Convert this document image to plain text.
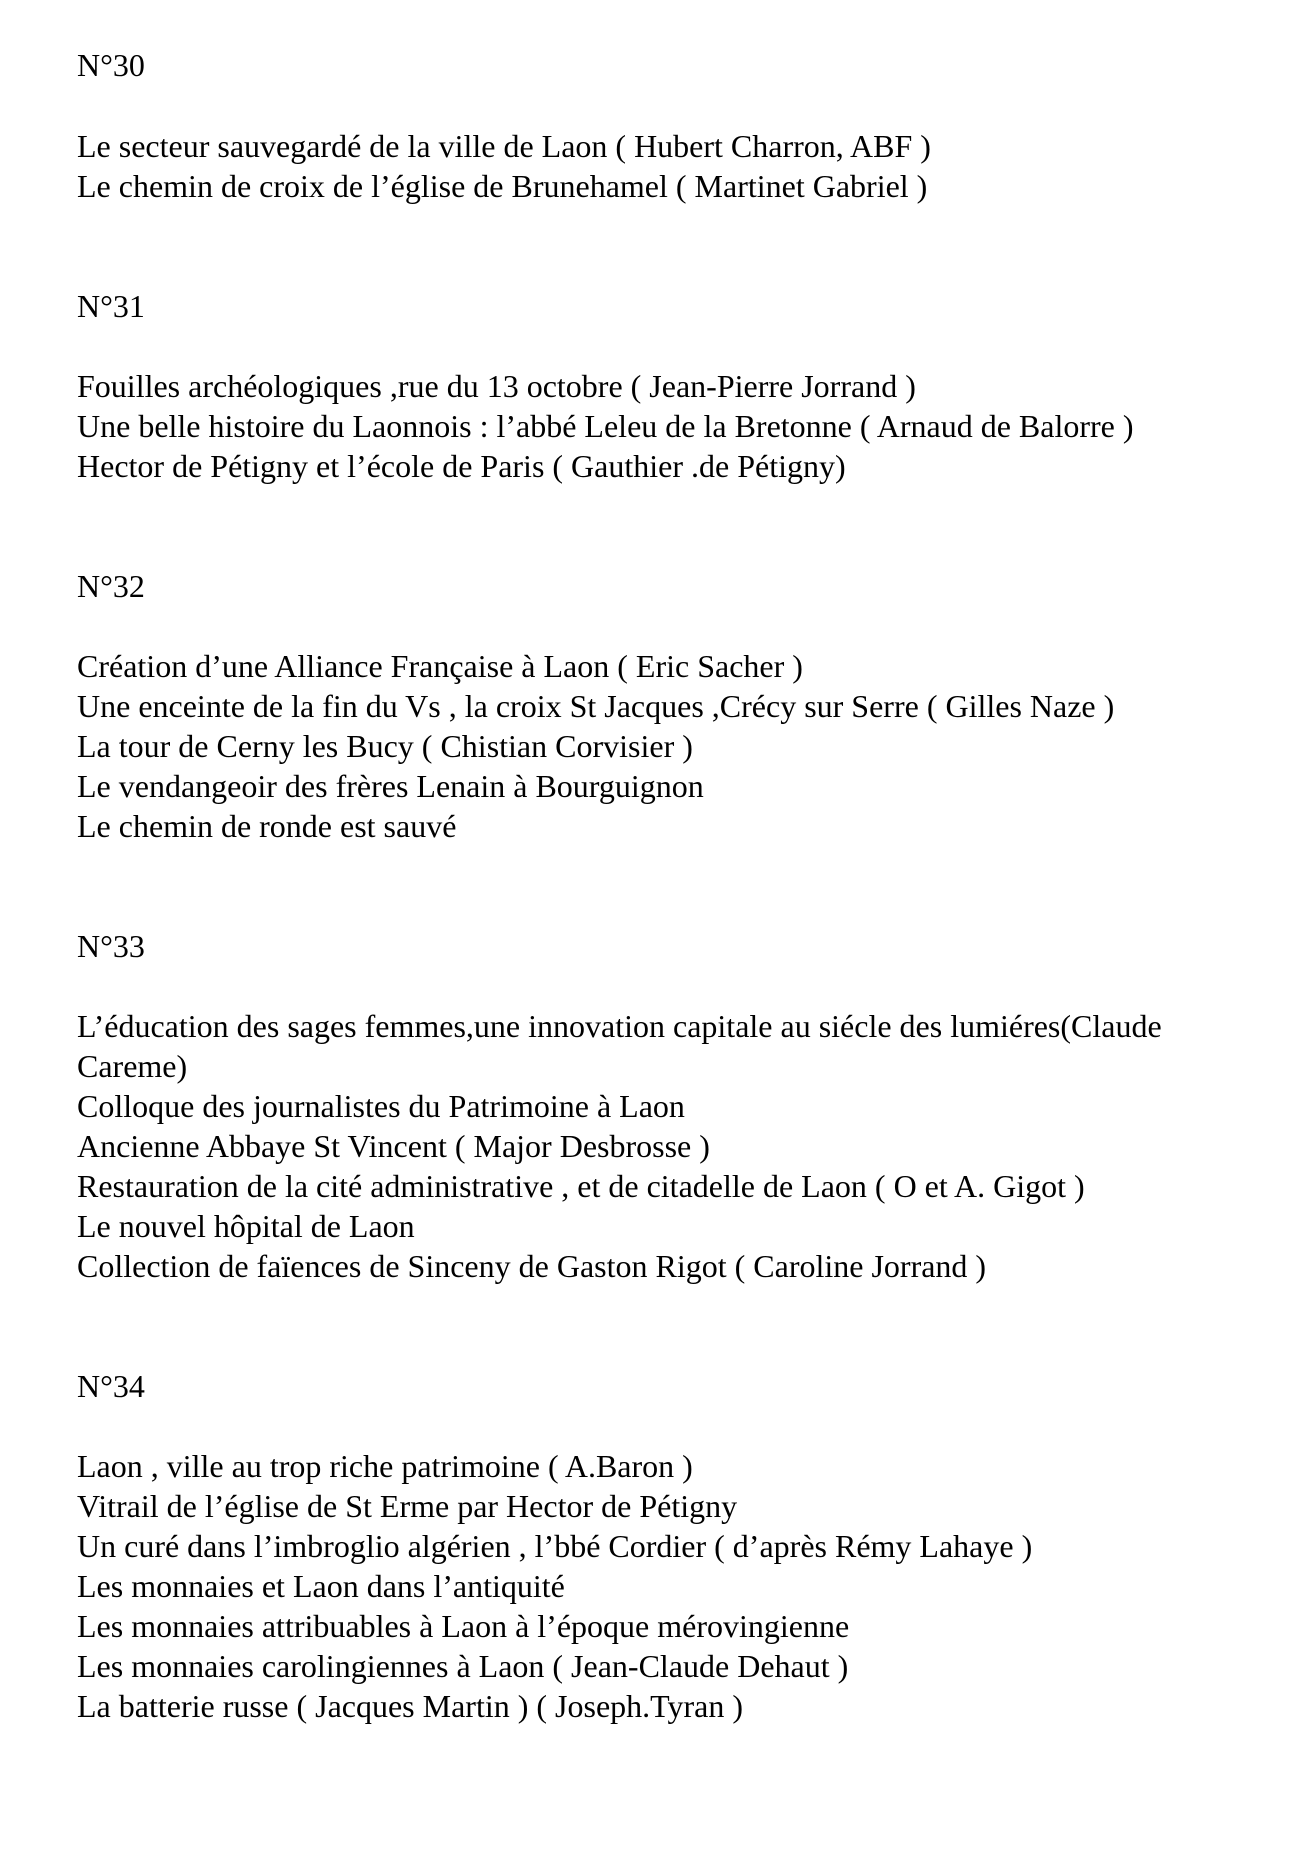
N°30
Le secteur sauvegardé de la ville de Laon ( Hubert Charron, ABF )
Le chemin de croix de l’église de Brunehamel ( Martinet Gabriel )
N°31
Fouilles archéologiques ,rue du 13 octobre ( Jean-Pierre Jorrand )
Une belle histoire du Laonnois : l’abbé Leleu de la Bretonne ( Arnaud de Balorre )
Hector de Pétigny et l’école de Paris ( Gauthier .de Pétigny)
N°32
Création d’une Alliance Française à Laon ( Eric Sacher )
Une enceinte de la fin du Vs , la croix St Jacques ,Crécy sur Serre ( Gilles Naze )
La tour de Cerny les Bucy ( Chistian Corvisier )
Le vendangeoir des frères Lenain à Bourguignon
Le chemin de ronde est sauvé
N°33
L’éducation des sages femmes,une innovation capitale au siécle des lumiéres(Claude
Careme)
Colloque des journalistes du Patrimoine à Laon
Ancienne Abbaye St Vincent ( Major Desbrosse )
Restauration de la cité administrative , et de citadelle de Laon ( O et A. Gigot )
Le nouvel hôpital de Laon
Collection de faïences de Sinceny de Gaston Rigot ( Caroline Jorrand )
N°34
Laon , ville au trop riche patrimoine ( A.Baron )
Vitrail de l’église de St Erme par Hector de Pétigny
Un curé dans l’imbroglio algérien , l’bbé Cordier ( d’après Rémy Lahaye )
Les monnaies et Laon dans l’antiquité
Les monnaies attribuables à Laon à l’époque mérovingienne
Les monnaies carolingiennes à Laon ( Jean-Claude Dehaut )
La batterie russe ( Jacques Martin ) ( Joseph.Tyran )
